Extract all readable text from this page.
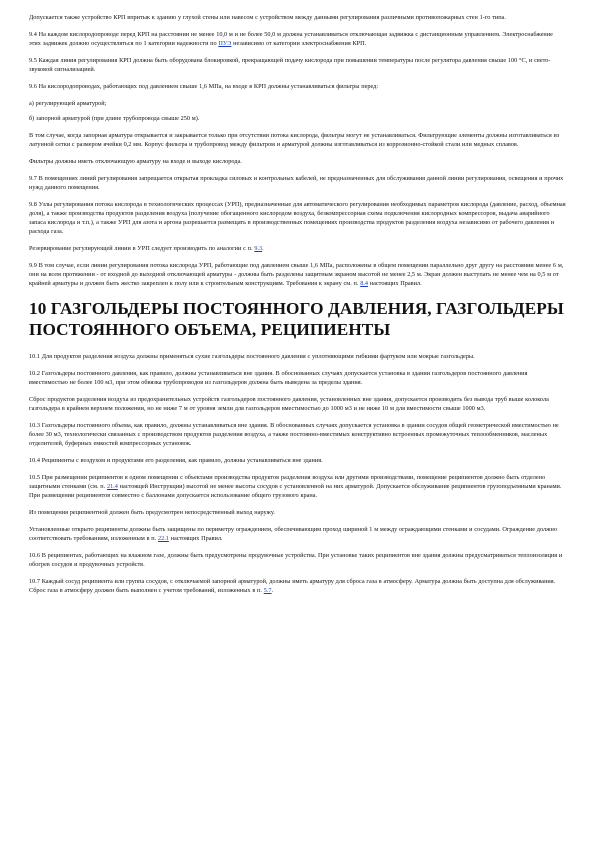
Допускается также устройство КРП впритык к зданию у глухой стены или навесом с устройством между данными регулирования различными противопожарных стен 1-го типа.

9.4 На каждом кислородопроводе перед КРП на расстоянии не менее 10,0 м и не более 50,0 м должна устанавливаться отключающая задвижка с дистанционным управлением. Электроснабжение этих задвижек должно осуществляться по 1 категории надежности по ПУЭ независимо от категории электроснабжения КРП.

9.5 Каждая линия регулирования КРП должна быть оборудована блокировкой, прекращающей подачу кислорода при повышении температуры после регулятора давления свыше 100 °С, и свето-звуковой сигнализацией.

9.6 На кислородопроводах, работающих под давлением свыше 1,6 МПа, на входе в КРП должны устанавливаться фильтры перед:

а) регулирующей арматурой;

б) запорной арматурой (при длине трубопровода свыше 250 м).

В том случае, когда запорная арматура открывается и закрывается только при отсутствии потока кислорода, фильтры могут не устанавливаться. Фильтрующие элементы должны изготавливаться из латунной сетки с размером ячейки 0,2 мм. Корпус фильтра и трубопровод между фильтром и арматурой должны изготавливаться из коррозионно-стойкой стали или медных сплавов.

Фильтры должны иметь отключающую арматуру на входе и выходе кислорода.

9.7 В помещениях линий регулирования запрещается открытая прокладка силовых и контрольных кабелей, не предназначенных для обслуживания данной линии регулирования, освещения и прочих нужд данного помещения.

9.8 Узлы регулирования потока кислорода в технологических процессах (УРП), предназначенные для автоматического регулирования необходимых параметров кислорода (давление, расход, объемная доля), а также производства продуктов разделения воздуха (получение обогащенного кислородом воздуха, безкомпрессорная схема подключения кислородных компрессоров, выдача аварийного запаса кислорода и т.п.), а также УРП для азота и аргона разрешается размещать в производственных помещениях производства продуктов разделения воздуха независимо от рабочего давления и расхода газа.

Резервирование регулирующей линии в УРП следует производить по аналогии с п. 9.3.

9.9 В том случае, если линии регулирования потока кислорода УРП, работающие под давлением свыше 1,6 МПа, расположены в общем помещении параллельно друг другу на расстоянии менее 6 м, они на всем протяжении - от входной до выходной отключающей арматуры - должны быть разделены защитным экраном высотой не менее 2,5 м. Экран должен выступать не менее чем на 0,5 м от крайней арматуры и должен быть жестко закреплен к полу или к строительным конструкциям. Требования к экрану см. п. 8.4 настоящих Правил.

10 ГАЗГОЛЬДЕРЫ ПОСТОЯННОГО ДАВЛЕНИЯ, ГАЗГОЛЬДЕРЫ ПОСТОЯННОГО ОБЪЕМА, РЕЦИПИЕНТЫ

10.1 Для продуктов разделения воздуха должны применяться сухие газгольдеры постоянного давления с уплотняющими гибкими фартуком или мокрые газгольдеры.

10.2 Газгольдеры постоянного давления, как правило, должны устанавливаться вне здания. В обоснованных случаях допускается установка в здании газгольдеров постоянного давления вместимостью не более 100 м3, при этом обвязка трубопроводов из газгольдеров должна быть выведена за пределы здания.

Сброс продуктов разделения воздуха из предохранительных устройств газгольдеров постоянного давления, установленных вне здания, допускается производить без вывода труб выше колокола газгольдера в крайнем верхнем положении, но не ниже 7 м от уровня земли для газгольдеров вместимостью до 1000 м3 и не ниже 10 м для вместимости свыше 1000 м3.

10.3 Газгольдеры постоянного объема, как правило, должны устанавливаться вне здания. В обоснованных случаях допускается установка в здании сосудов общей геометрической вместимостью не более 30 м3, технологически связанных с производством продуктов разделения воздуха, а также постоянно-вместимых конструктивно встроенных промежуточных теплообменников, масленых отделителей, буферных емкостей компрессорных установок.

10.4 Реципиенты с воздухом и продуктами его разделения, как правило, должны устанавливаться вне здания.

10.5 При размещении реципиентов в одном помещении с объектами производства продуктов разделения воздуха или другими производствами, помещение реципиентов должно быть отделено защитными стенками (см. п. 21.4 настоящей Инструкции) высотой не менее высоты сосудов с установленной на них арматурой. Допускается обслуживание реципиентов грузоподъемными кранами. При размещении реципиентов совместно с баллонами допускается использование общего грузового крана.

Из помещения реципиентной должен быть предусмотрен непосредственный выход наружу.

Установленные открыто реципиенты должны быть защищены по периметру ограждением, обеспечивающим проход шириной 1 м между ограждающими стенками и сосудами. Ограждение должно соответствовать требованиям, изложенным в п. 22.1 настоящих Правил.

10.6 В реципиентах, работающих на влажном газе, должны быть предусмотрены продувочные устройства. При установке таких реципиентов вне здания должны предусматриваться теплоизоляция и обогрев сосудов и продувочных устройств.

10.7 Каждый сосуд реципиента или группа сосудов, с отключаемой запорной арматурой, должны иметь арматуру для сброса газа в атмосферу. Арматура должна быть доступна для обслуживания. Сброс газа в атмосферу должен быть выполнен с учетом требований, изложенных в п. 5.7.
